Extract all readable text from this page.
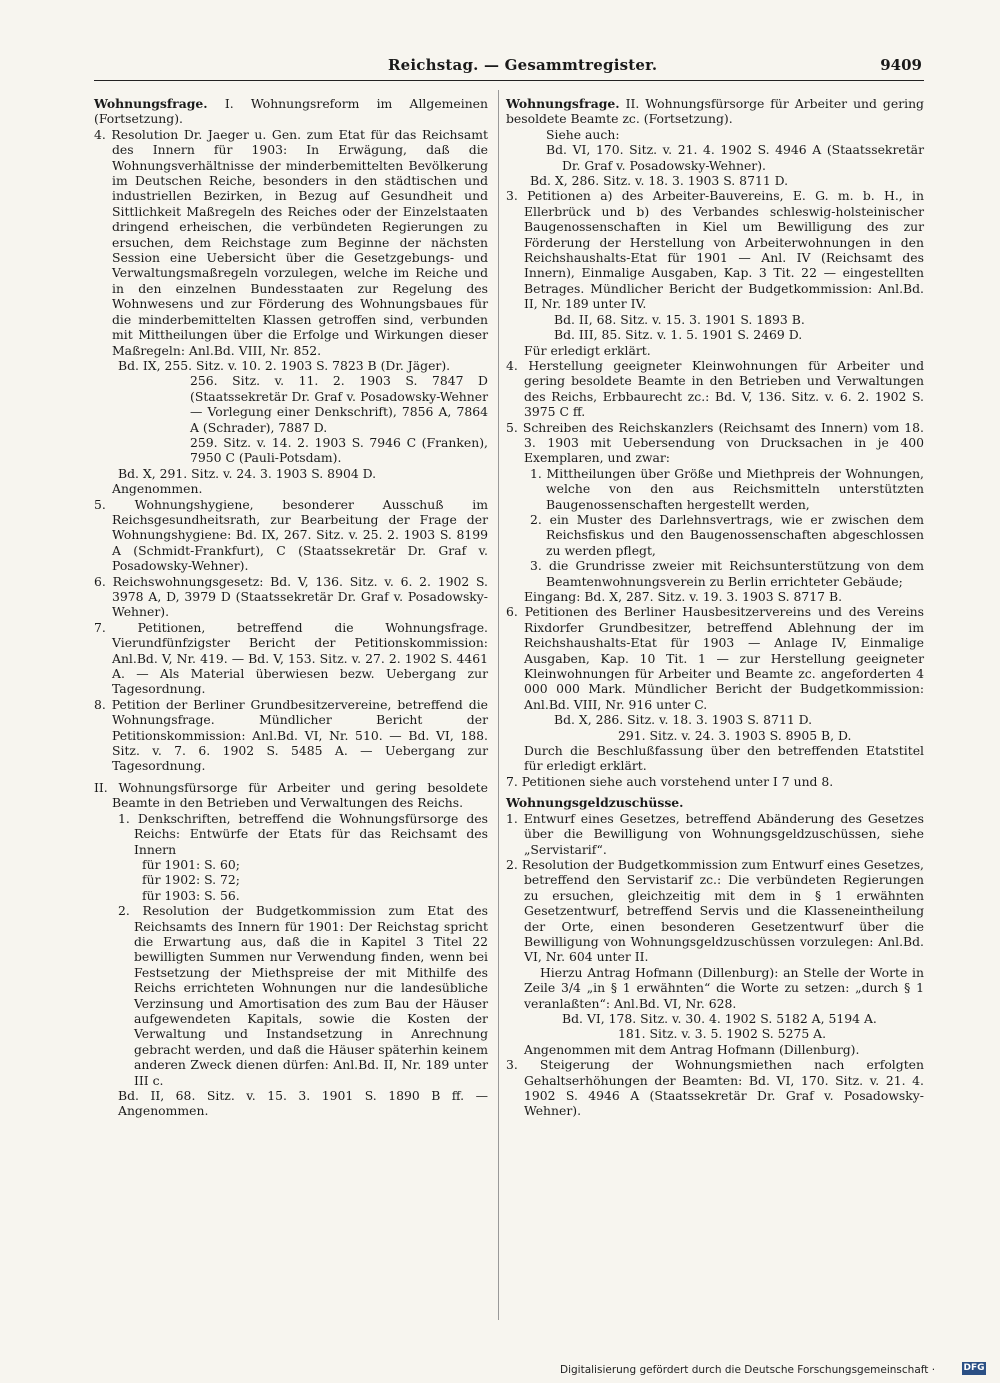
Reichstag. — Gesammtregister.	9409

Wohnungsfrage. I. Wohnungsreform im Allgemeinen (Fortsetzung).

4. Resolution Dr. Jaeger u. Gen. zum Etat für das Reichsamt des Innern für 1903: In Erwägung, daß die Wohnungsverhältnisse der minderbemittelten Bevölkerung im Deutschen Reiche, besonders in den städtischen und industriellen Bezirken, in Bezug auf Gesundheit und Sittlichkeit Maßregeln des Reiches oder der Einzelstaaten dringend erheischen, die verbündeten Regierungen zu ersuchen, dem Reichstage zum Beginne der nächsten Session eine Uebersicht über die Gesetzgebungs- und Verwaltungsmaßregeln vorzulegen, welche im Reiche und in den einzelnen Bundesstaaten zur Regelung des Wohnwesens und zur Förderung des Wohnungsbaues für die minderbemittelten Klassen getroffen sind, verbunden mit Mittheilungen über die Erfolge und Wirkungen dieser Maßregeln: Anl.Bd. VIII, Nr. 852.

Bd. IX, 255. Sitz. v. 10. 2. 1903 S. 7823 B (Dr. Jäger).

256. Sitz. v. 11. 2. 1903 S. 7847 D (Staatssekretär Dr. Graf v. Posadowsky-Wehner — Vorlegung einer Denkschrift), 7856 A, 7864 A (Schrader), 7887 D.

259. Sitz. v. 14. 2. 1903 S. 7946 C (Franken), 7950 C (Pauli-Potsdam).

Bd. X, 291. Sitz. v. 24. 3. 1903 S. 8904 D.

Angenommen.

5. Wohnungshygiene, besonderer Ausschuß im Reichsgesundheitsrath, zur Bearbeitung der Frage der Wohnungshygiene: Bd. IX, 267. Sitz. v. 25. 2. 1903 S. 8199 A (Schmidt-Frankfurt), C (Staatssekretär Dr. Graf v. Posadowsky-Wehner).

6. Reichswohnungsgesetz: Bd. V, 136. Sitz. v. 6. 2. 1902 S. 3978 A, D, 3979 D (Staatssekretär Dr. Graf v. Posadowsky-Wehner).

7. Petitionen, betreffend die Wohnungsfrage. Vierundfünfzigster Bericht der Petitionskommission: Anl.Bd. V, Nr. 419. — Bd. V, 153. Sitz. v. 27. 2. 1902 S. 4461 A. — Als Material überwiesen bezw. Uebergang zur Tagesordnung.

8. Petition der Berliner Grundbesitzervereine, betreffend die Wohnungsfrage. Mündlicher Bericht der Petitionskommission: Anl.Bd. VI, Nr. 510. — Bd. VI, 188. Sitz. v. 7. 6. 1902 S. 5485 A. — Uebergang zur Tagesordnung.

II. Wohnungsfürsorge für Arbeiter und gering besoldete Beamte in den Betrieben und Verwaltungen des Reichs.

1. Denkschriften, betreffend die Wohnungsfürsorge des Reichs: Entwürfe der Etats für das Reichsamt des Innern

für 1901: S. 60;

für 1902: S. 72;

für 1903: S. 56.

2. Resolution der Budgetkommission zum Etat des Reichsamts des Innern für 1901: Der Reichstag spricht die Erwartung aus, daß die in Kapitel 3 Titel 22 bewilligten Summen nur Verwendung finden, wenn bei Festsetzung der Miethspreise der mit Mithilfe des Reichs errichteten Wohnungen nur die landesübliche Verzinsung und Amortisation des zum Bau der Häuser aufgewendeten Kapitals, sowie die Kosten der Verwaltung und Instandsetzung in Anrechnung gebracht werden, und daß die Häuser späterhin keinem anderen Zweck dienen dürfen: Anl.Bd. II, Nr. 189 unter III c.

Bd. II, 68. Sitz. v. 15. 3. 1901 S. 1890 B ff. — Angenommen.

Wohnungsfrage. II. Wohnungsfürsorge für Arbeiter und gering besoldete Beamte zc. (Fortsetzung).

Siehe auch:

Bd. VI, 170. Sitz. v. 21. 4. 1902 S. 4946 A (Staatssekretär Dr. Graf v. Posadowsky-Wehner).

Bd. X, 286. Sitz. v. 18. 3. 1903 S. 8711 D.

3. Petitionen a) des Arbeiter-Bauvereins, E. G. m. b. H., in Ellerbrück und b) des Verbandes schleswig-holsteinischer Baugenossenschaften in Kiel um Bewilligung des zur Förderung der Herstellung von Arbeiterwohnungen in den Reichshaushalts-Etat für 1901 — Anl. IV (Reichsamt des Innern), Einmalige Ausgaben, Kap. 3 Tit. 22 — eingestellten Betrages. Mündlicher Bericht der Budgetkommission: Anl.Bd. II, Nr. 189 unter IV.

Bd. II, 68. Sitz. v. 15. 3. 1901 S. 1893 B.

Bd. III, 85. Sitz. v. 1. 5. 1901 S. 2469 D.

Für erledigt erklärt.

4. Herstellung geeigneter Kleinwohnungen für Arbeiter und gering besoldete Beamte in den Betrieben und Verwaltungen des Reichs, Erbbaurecht zc.: Bd. V, 136. Sitz. v. 6. 2. 1902 S. 3975 C ff.

5. Schreiben des Reichskanzlers (Reichsamt des Innern) vom 18. 3. 1903 mit Uebersendung von Drucksachen in je 400 Exemplaren, und zwar:

1. Mittheilungen über Größe und Miethpreis der Wohnungen, welche von den aus Reichsmitteln unterstützten Baugenossenschaften hergestellt werden,

2. ein Muster des Darlehnsvertrags, wie er zwischen dem Reichsfiskus und den Baugenossenschaften abgeschlossen zu werden pflegt,

3. die Grundrisse zweier mit Reichsunterstützung von dem Beamtenwohnungsverein zu Berlin errichteter Gebäude;

Eingang: Bd. X, 287. Sitz. v. 19. 3. 1903 S. 8717 B.

6. Petitionen des Berliner Hausbesitzervereins und des Vereins Rixdorfer Grundbesitzer, betreffend Ablehnung der im Reichshaushalts-Etat für 1903 — Anlage IV, Einmalige Ausgaben, Kap. 10 Tit. 1 — zur Herstellung geeigneter Kleinwohnungen für Arbeiter und Beamte zc. angeforderten 4 000 000 Mark. Mündlicher Bericht der Budgetkommission: Anl.Bd. VIII, Nr. 916 unter C.

Bd. X, 286. Sitz. v. 18. 3. 1903 S. 8711 D.

291. Sitz. v. 24. 3. 1903 S. 8905 B, D.

Durch die Beschlußfassung über den betreffenden Etatstitel für erledigt erklärt.

7. Petitionen siehe auch vorstehend unter I 7 und 8.

Wohnungsgeldzuschüsse.

1. Entwurf eines Gesetzes, betreffend Abänderung des Gesetzes über die Bewilligung von Wohnungsgeldzuschüssen, siehe „Servistarif“.

2. Resolution der Budgetkommission zum Entwurf eines Gesetzes, betreffend den Servistarif zc.: Die verbündeten Regierungen zu ersuchen, gleichzeitig mit dem in § 1 erwähnten Gesetzentwurf, betreffend Servis und die Klasseneintheilung der Orte, einen besonderen Gesetzentwurf über die Bewilligung von Wohnungsgeldzuschüssen vorzulegen: Anl.Bd. VI, Nr. 604 unter II.

Hierzu Antrag Hofmann (Dillenburg): an Stelle der Worte in Zeile 3/4 „in § 1 erwähnten“ die Worte zu setzen: „durch § 1 veranlaßten“: Anl.Bd. VI, Nr. 628.

Bd. VI, 178. Sitz. v. 30. 4. 1902 S. 5182 A, 5194 A.

181. Sitz. v. 3. 5. 1902 S. 5275 A.

Angenommen mit dem Antrag Hofmann (Dillenburg).

3. Steigerung der Wohnungsmiethen nach erfolgten Gehaltserhöhungen der Beamten: Bd. VI, 170. Sitz. v. 21. 4. 1902 S. 4946 A (Staatssekretär Dr. Graf v. Posadowsky-Wehner).

Digitalisierung gefördert durch die Deutsche Forschungsgemeinschaft ·	DFG
